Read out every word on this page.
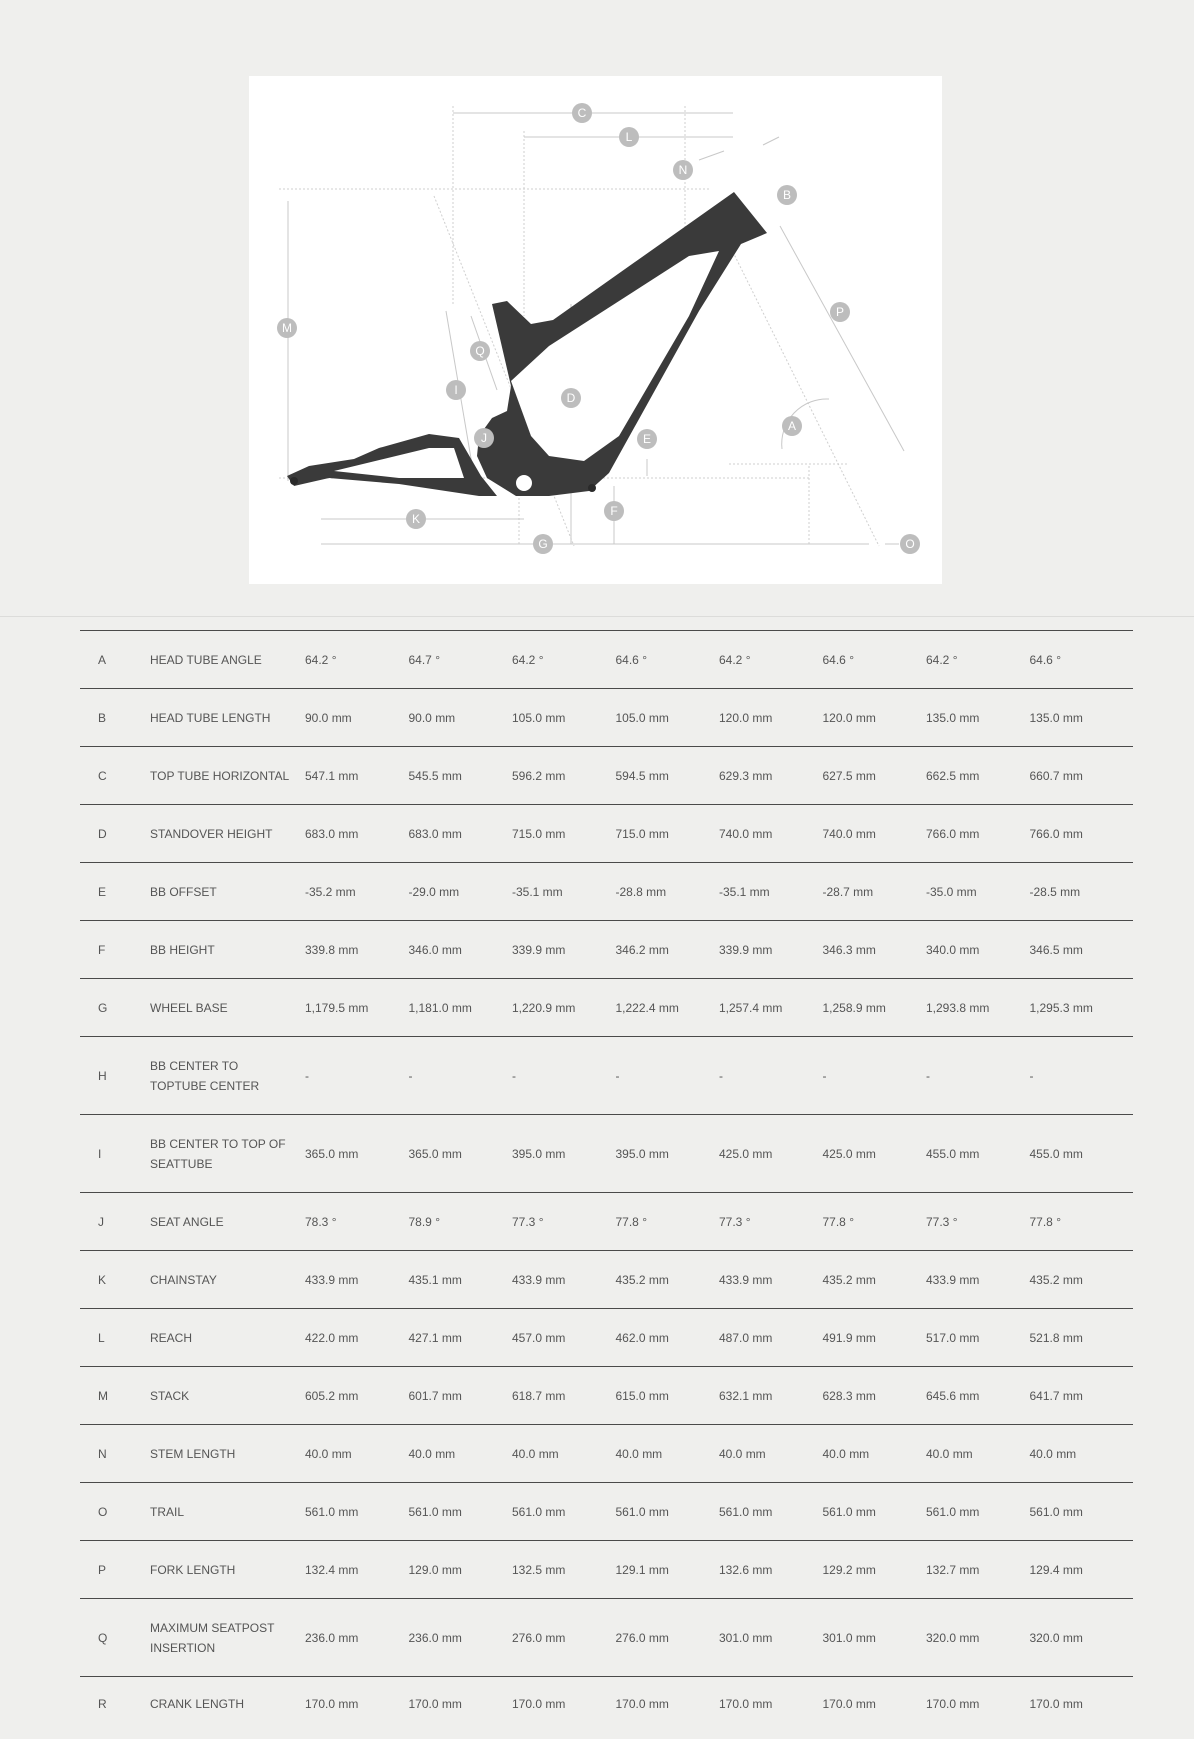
A
B
C
D
E
F
G
I
J
K
L
M
N
O
P
Q
A	HEAD TUBE ANGLE	64.2 °	64.7 °	64.2 °	64.6 °	64.2 °	64.6 °	64.2 °	64.6 °
B	HEAD TUBE LENGTH	90.0 mm	90.0 mm	105.0 mm	105.0 mm	120.0 mm	120.0 mm	135.0 mm	135.0 mm
C	TOP TUBE HORIZONTAL	547.1 mm	545.5 mm	596.2 mm	594.5 mm	629.3 mm	627.5 mm	662.5 mm	660.7 mm
D	STANDOVER HEIGHT	683.0 mm	683.0 mm	715.0 mm	715.0 mm	740.0 mm	740.0 mm	766.0 mm	766.0 mm
E	BB OFFSET	-35.2 mm	-29.0 mm	-35.1 mm	-28.8 mm	-35.1 mm	-28.7 mm	-35.0 mm	-28.5 mm
F	BB HEIGHT	339.8 mm	346.0 mm	339.9 mm	346.2 mm	339.9 mm	346.3 mm	340.0 mm	346.5 mm
G	WHEEL BASE	1,179.5 mm	1,181.0 mm	1,220.9 mm	1,222.4 mm	1,257.4 mm	1,258.9 mm	1,293.8 mm	1,295.3 mm
H	BB CENTER TO TOPTUBE CENTER	-	-	-	-	-	-	-	-
I	BB CENTER TO TOP OF SEATTUBE	365.0 mm	365.0 mm	395.0 mm	395.0 mm	425.0 mm	425.0 mm	455.0 mm	455.0 mm
J	SEAT ANGLE	78.3 °	78.9 °	77.3 °	77.8 °	77.3 °	77.8 °	77.3 °	77.8 °
K	CHAINSTAY	433.9 mm	435.1 mm	433.9 mm	435.2 mm	433.9 mm	435.2 mm	433.9 mm	435.2 mm
L	REACH	422.0 mm	427.1 mm	457.0 mm	462.0 mm	487.0 mm	491.9 mm	517.0 mm	521.8 mm
M	STACK	605.2 mm	601.7 mm	618.7 mm	615.0 mm	632.1 mm	628.3 mm	645.6 mm	641.7 mm
N	STEM LENGTH	40.0 mm	40.0 mm	40.0 mm	40.0 mm	40.0 mm	40.0 mm	40.0 mm	40.0 mm
O	TRAIL	561.0 mm	561.0 mm	561.0 mm	561.0 mm	561.0 mm	561.0 mm	561.0 mm	561.0 mm
P	FORK LENGTH	132.4 mm	129.0 mm	132.5 mm	129.1 mm	132.6 mm	129.2 mm	132.7 mm	129.4 mm
Q	MAXIMUM SEATPOST INSERTION	236.0 mm	236.0 mm	276.0 mm	276.0 mm	301.0 mm	301.0 mm	320.0 mm	320.0 mm
R	CRANK LENGTH	170.0 mm	170.0 mm	170.0 mm	170.0 mm	170.0 mm	170.0 mm	170.0 mm	170.0 mm
